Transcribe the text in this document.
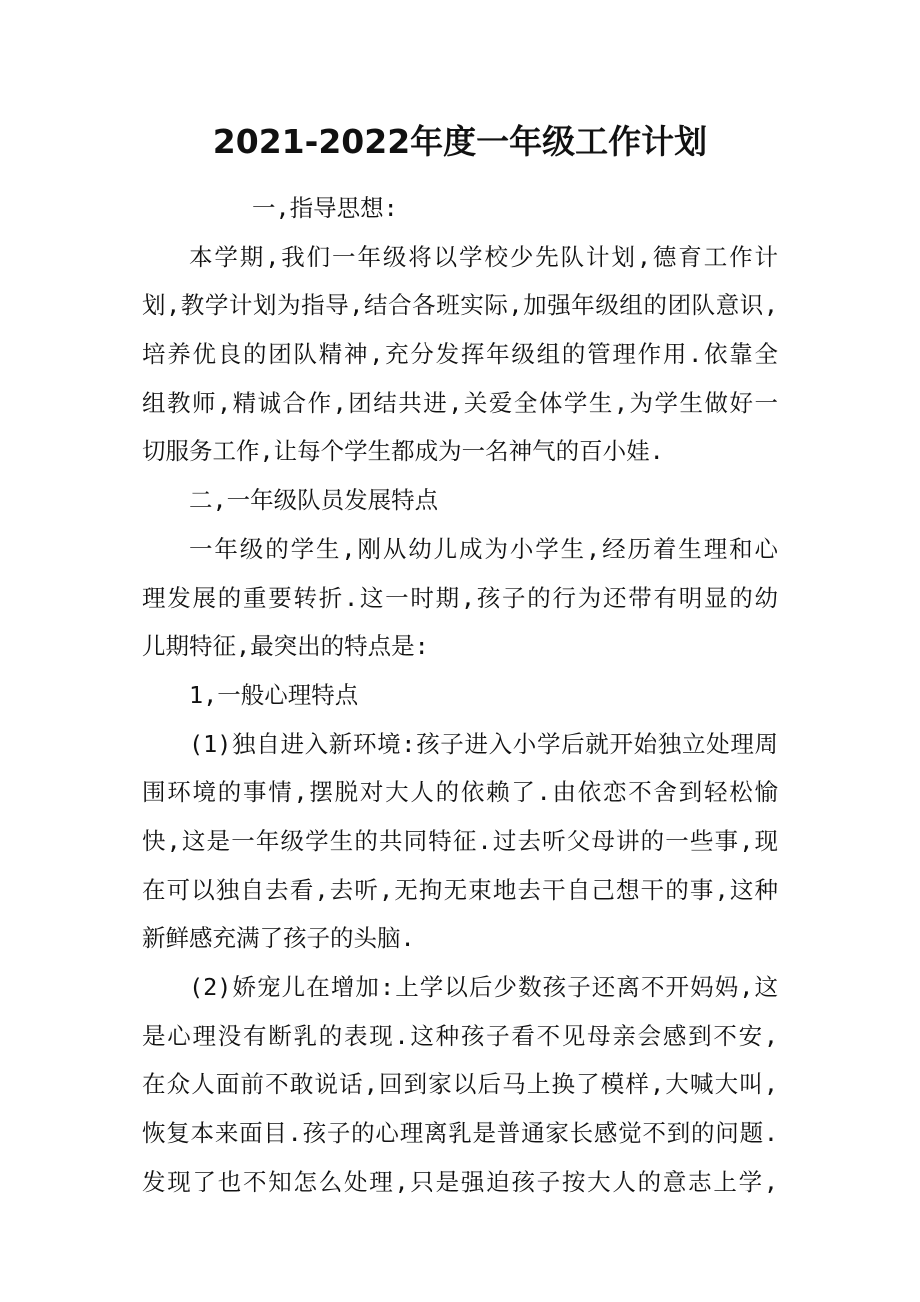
2021-2022年度一年级工作计划
一,指导思想:
本学期,我们一年级将以学校少先队计划,德育工作计
划,教学计划为指导,结合各班实际,加强年级组的团队意识,
培养优良的团队精神,充分发挥年级组的管理作用.依靠全
组教师,精诚合作,团结共进,关爱全体学生,为学生做好一
切服务工作,让每个学生都成为一名神气的百小娃.
二,一年级队员发展特点
一年级的学生,刚从幼儿成为小学生,经历着生理和心
理发展的重要转折.这一时期,孩子的行为还带有明显的幼
儿期特征,最突出的特点是:
1,一般心理特点
(1)独自进入新环境:孩子进入小学后就开始独立处理周
围环境的事情,摆脱对大人的依赖了.由依恋不舍到轻松愉
快,这是一年级学生的共同特征.过去听父母讲的一些事,现
在可以独自去看,去听,无拘无束地去干自己想干的事,这种
新鲜感充满了孩子的头脑.
(2)娇宠儿在增加:上学以后少数孩子还离不开妈妈,这
是心理没有断乳的表现.这种孩子看不见母亲会感到不安,
在众人面前不敢说话,回到家以后马上换了模样,大喊大叫,
恢复本来面目.孩子的心理离乳是普通家长感觉不到的问题.
发现了也不知怎么处理,只是强迫孩子按大人的意志上学,
